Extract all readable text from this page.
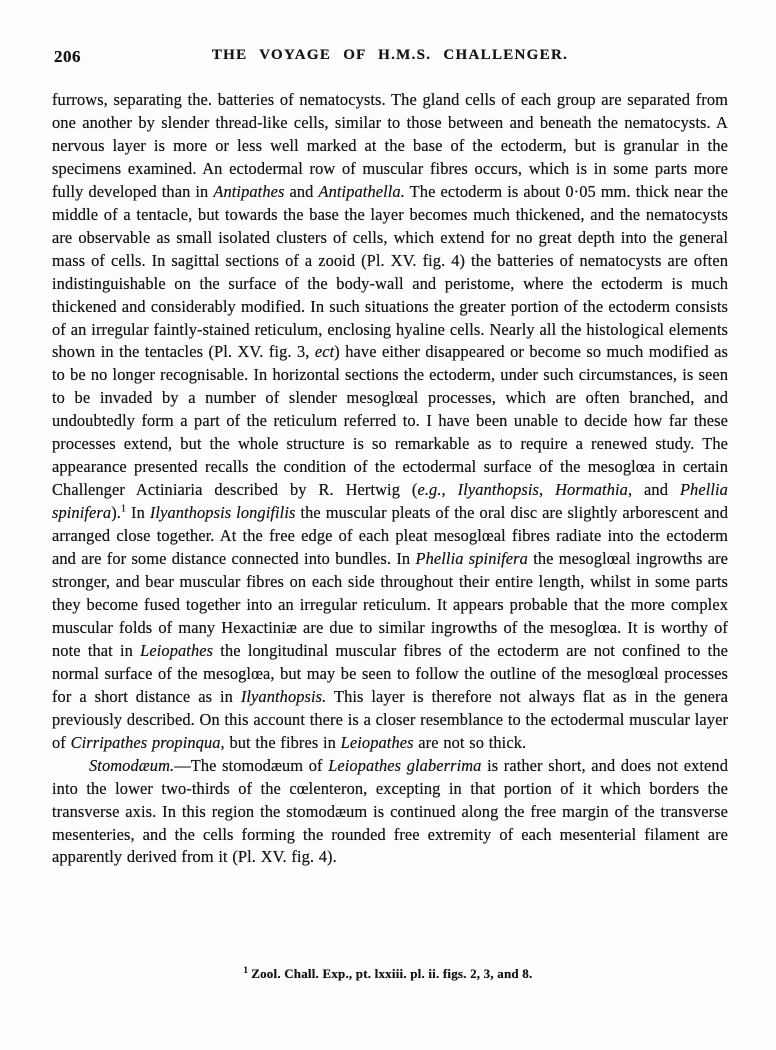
206	THE VOYAGE OF H.M.S. CHALLENGER.

furrows, separating the. batteries of nematocysts. The gland cells of each group are separated from one another by slender thread-like cells, similar to those between and beneath the nematocysts. A nervous layer is more or less well marked at the base of the ectoderm, but is granular in the specimens examined. An ectodermal row of muscular fibres occurs, which is in some parts more fully developed than in Antipathes and Antipathella. The ectoderm is about 0·05 mm. thick near the middle of a tentacle, but towards the base the layer becomes much thickened, and the nematocysts are observable as small isolated clusters of cells, which extend for no great depth into the general mass of cells. In sagittal sections of a zooid (Pl. XV. fig. 4) the batteries of nematocysts are often indistinguishable on the surface of the body-wall and peristome, where the ectoderm is much thickened and considerably modified. In such situations the greater portion of the ectoderm consists of an irregular faintly-stained reticulum, enclosing hyaline cells. Nearly all the histological elements shown in the tentacles (Pl. XV. fig. 3, ect) have either disappeared or become so much modified as to be no longer recognisable. In horizontal sections the ectoderm, under such circumstances, is seen to be invaded by a number of slender mesoglœal processes, which are often branched, and undoubtedly form a part of the reticulum referred to. I have been unable to decide how far these processes extend, but the whole structure is so remarkable as to require a renewed study. The appearance presented recalls the condition of the ectodermal surface of the mesoglœa in certain Challenger Actiniaria described by R. Hertwig (e.g., Ilyanthopsis, Hormathia, and Phellia spinifera).$^1$ In Ilyanthopsis longifilis the muscular pleats of the oral disc are slightly arborescent and arranged close together. At the free edge of each pleat mesoglœal fibres radiate into the ectoderm and are for some distance connected into bundles. In Phellia spinifera the mesoglœal ingrowths are stronger, and bear muscular fibres on each side throughout their entire length, whilst in some parts they become fused together into an irregular reticulum. It appears probable that the more complex muscular folds of many Hexactiniæ are due to similar ingrowths of the mesoglœa. It is worthy of note that in Leiopathes the longitudinal muscular fibres of the ectoderm are not confined to the normal surface of the mesoglœa, but may be seen to follow the outline of the mesoglœal processes for a short distance as in Ilyanthopsis. This layer is therefore not always flat as in the genera previously described. On this account there is a closer resemblance to the ectodermal muscular layer of Cirripathes propinqua, but the fibres in Leiopathes are not so thick.

Stomodæum.—The stomodæum of Leiopathes glaberrima is rather short, and does not extend into the lower two-thirds of the cœlenteron, excepting in that portion of it which borders the transverse axis. In this region the stomodæum is continued along the free margin of the transverse mesenteries, and the cells forming the rounded free extremity of each mesenterial filament are apparently derived from it (Pl. XV. fig. 4).

$^1$ Zool. Chall. Exp., pt. lxxiii. pl. ii. figs. 2, 3, and 8.
